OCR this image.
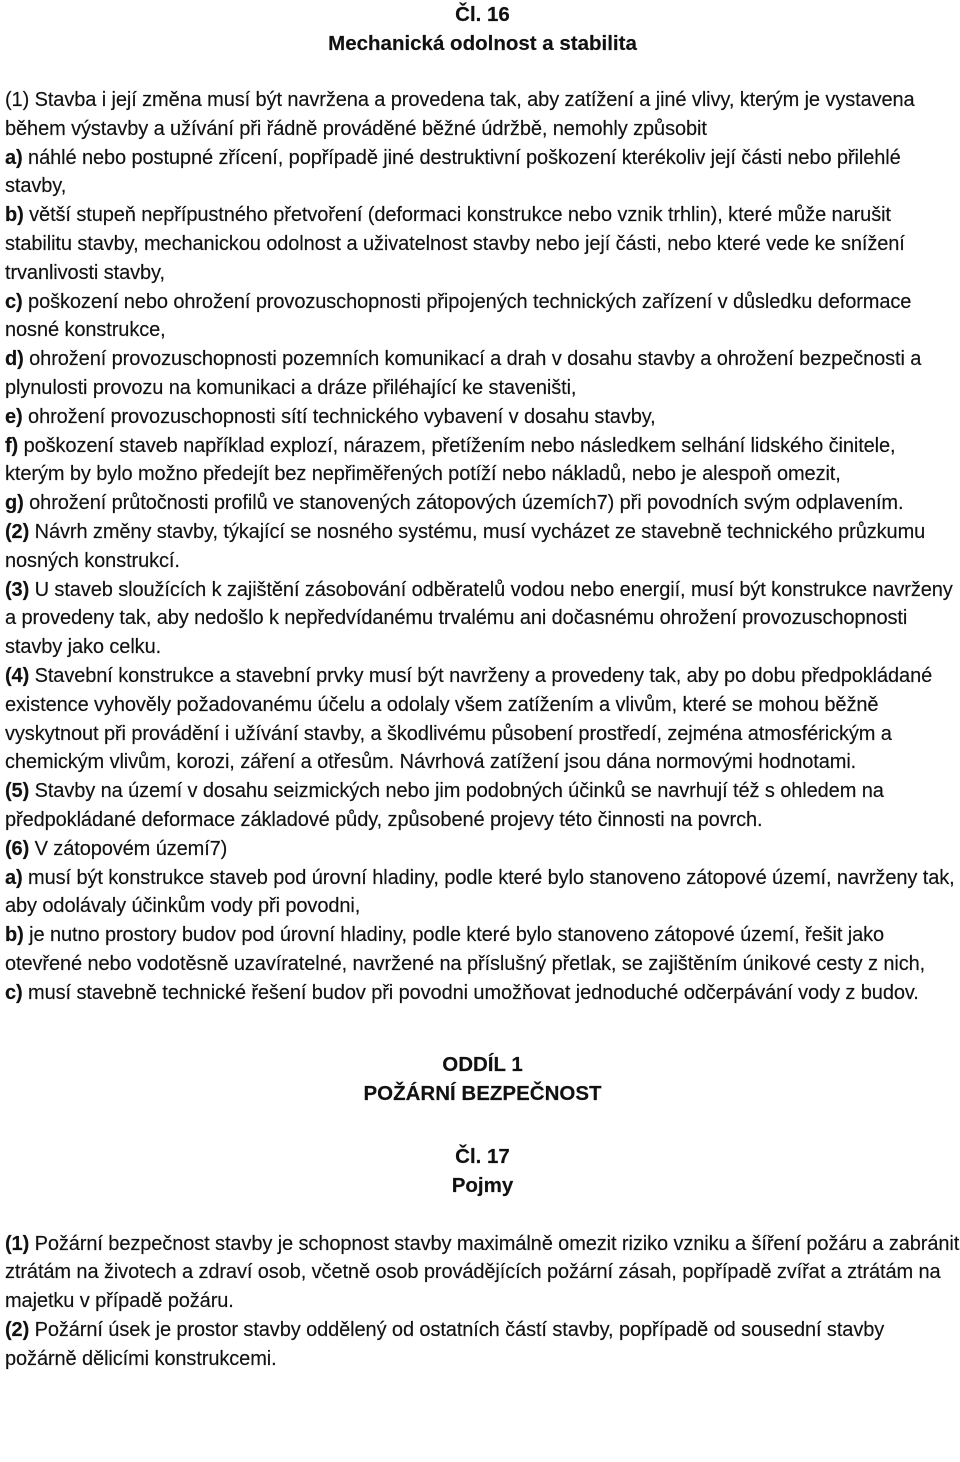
Čl. 16

Mechanická odolnost a stabilita

(1) Stavba i její změna musí být navržena a provedena tak, aby zatížení a jiné vlivy, kterým je vystavena během výstavby a užívání při řádně prováděné běžné údržbě, nemohly způsobit

a) náhlé nebo postupné zřícení, popřípadě jiné destruktivní poškození kterékoliv její části nebo přilehlé stavby,

b) větší stupeň nepřípustného přetvoření (deformaci konstrukce nebo vznik trhlin), které může narušit stabilitu stavby, mechanickou odolnost a uživatelnost stavby nebo její části, nebo které vede ke snížení trvanlivosti stavby,

c) poškození nebo ohrožení provozuschopnosti připojených technických zařízení v důsledku deformace nosné konstrukce,

d) ohrožení provozuschopnosti pozemních komunikací a drah v dosahu stavby a ohrožení bezpečnosti a plynulosti provozu na komunikaci a dráze přiléhající ke staveništi,

e) ohrožení provozuschopnosti sítí technického vybavení v dosahu stavby,

f) poškození staveb například explozí, nárazem, přetížením nebo následkem selhání lidského činitele, kterým by bylo možno předejít bez nepřiměřených potíží nebo nákladů, nebo je alespoň omezit,

g) ohrožení průtočnosti profilů ve stanovených zátopových územích7) při povodních svým odplavením.

(2) Návrh změny stavby, týkající se nosného systému, musí vycházet ze stavebně technického průzkumu nosných konstrukcí.

(3) U staveb sloužících k zajištění zásobování odběratelů vodou nebo energií, musí být konstrukce navrženy a provedeny tak, aby nedošlo k nepředvídanému trvalému ani dočasnému ohrožení provozuschopnosti stavby jako celku.

(4) Stavební konstrukce a stavební prvky musí být navrženy a provedeny tak, aby po dobu předpokládané existence vyhověly požadovanému účelu a odolaly všem zatížením a vlivům, které se mohou běžně vyskytnout při provádění i užívání stavby, a škodlivému působení prostředí, zejména atmosférickým a chemickým vlivům, korozi, záření a otřesům. Návrhová zatížení jsou dána normovými hodnotami.

(5) Stavby na území v dosahu seizmických nebo jim podobných účinků se navrhují též s ohledem na předpokládané deformace základové půdy, způsobené projevy této činnosti na povrch.

(6) V zátopovém území7)

a) musí být konstrukce staveb pod úrovní hladiny, podle které bylo stanoveno zátopové území, navrženy tak, aby odolávaly účinkům vody při povodni,

b) je nutno prostory budov pod úrovní hladiny, podle které bylo stanoveno zátopové území, řešit jako otevřené nebo vodotěsně uzavíratelné, navržené na příslušný přetlak, se zajištěním únikové cesty z nich,

c) musí stavebně technické řešení budov při povodni umožňovat jednoduché odčerpávání vody z budov.

ODDÍL 1

POŽÁRNÍ BEZPEČNOST

Čl. 17

Pojmy

(1) Požární bezpečnost stavby je schopnost stavby maximálně omezit riziko vzniku a šíření požáru a zabránit ztrátám na životech a zdraví osob, včetně osob provádějících požární zásah, popřípadě zvířat a ztrátám na majetku v případě požáru.

(2) Požární úsek je prostor stavby oddělený od ostatních částí stavby, popřípadě od sousední stavby požárně dělicími konstrukcemi.
